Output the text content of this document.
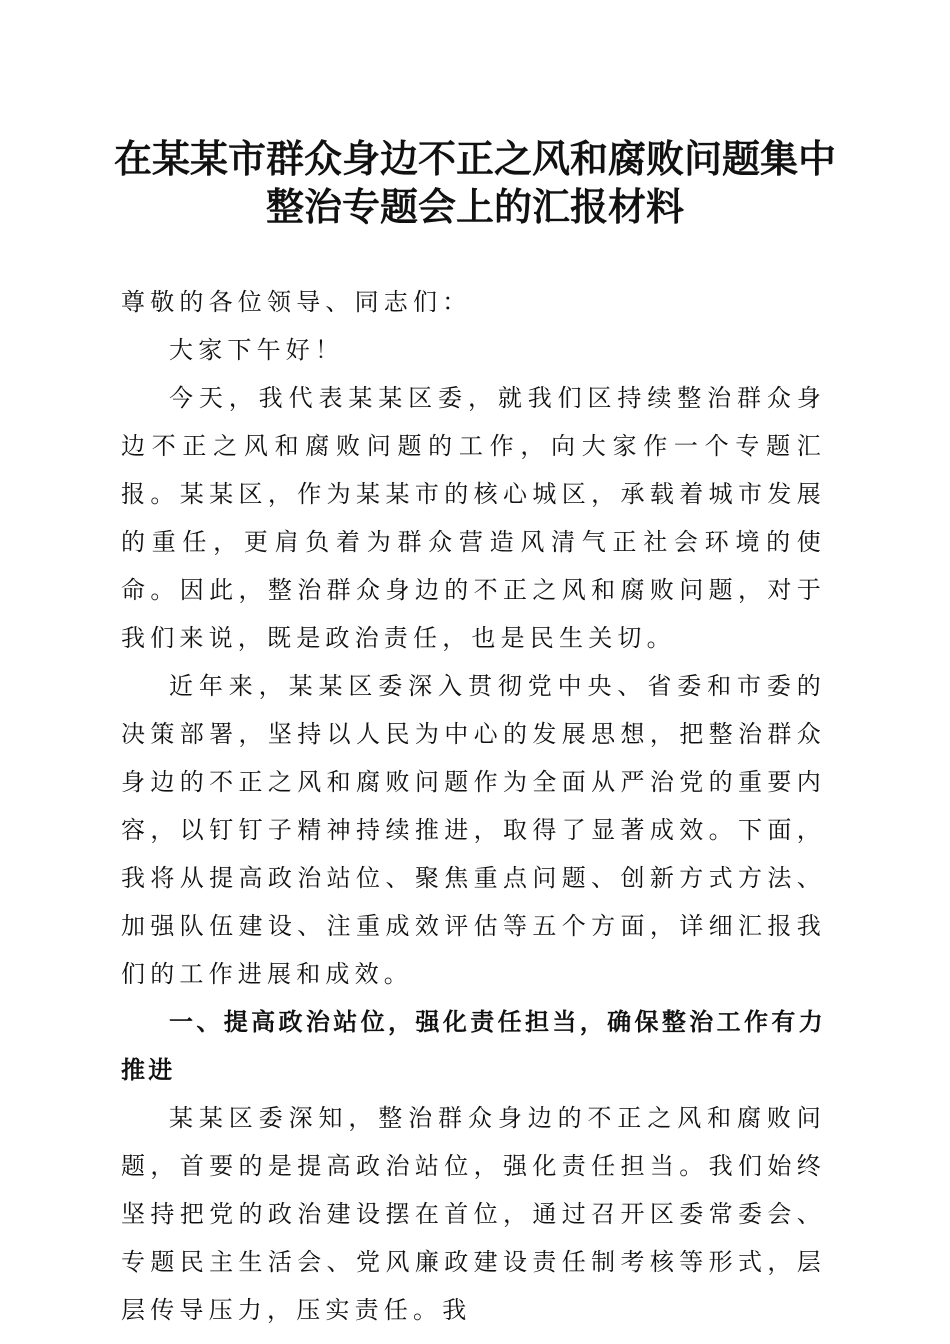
在某某市群众身边不正之风和腐败问题集中整治专题会上的汇报材料

尊敬的各位领导、同志们：

大家下午好！

今天，我代表某某区委，就我们区持续整治群众身边不正之风和腐败问题的工作，向大家作一个专题汇报。某某区，作为某某市的核心城区，承载着城市发展的重任，更肩负着为群众营造风清气正社会环境的使命。因此，整治群众身边的不正之风和腐败问题，对于我们来说，既是政治责任，也是民生关切。

近年来，某某区委深入贯彻党中央、省委和市委的决策部署，坚持以人民为中心的发展思想，把整治群众身边的不正之风和腐败问题作为全面从严治党的重要内容，以钉钉子精神持续推进，取得了显著成效。下面，我将从提高政治站位、聚焦重点问题、创新方式方法、加强队伍建设、注重成效评估等五个方面，详细汇报我们的工作进展和成效。

一、提高政治站位，强化责任担当，确保整治工作有力推进

某某区委深知，整治群众身边的不正之风和腐败问题，首要的是提高政治站位，强化责任担当。我们始终坚持把党的政治建设摆在首位，通过召开区委常委会、专题民主生活会、党风廉政建设责任制考核等形式，层层传导压力，压实责任。我
